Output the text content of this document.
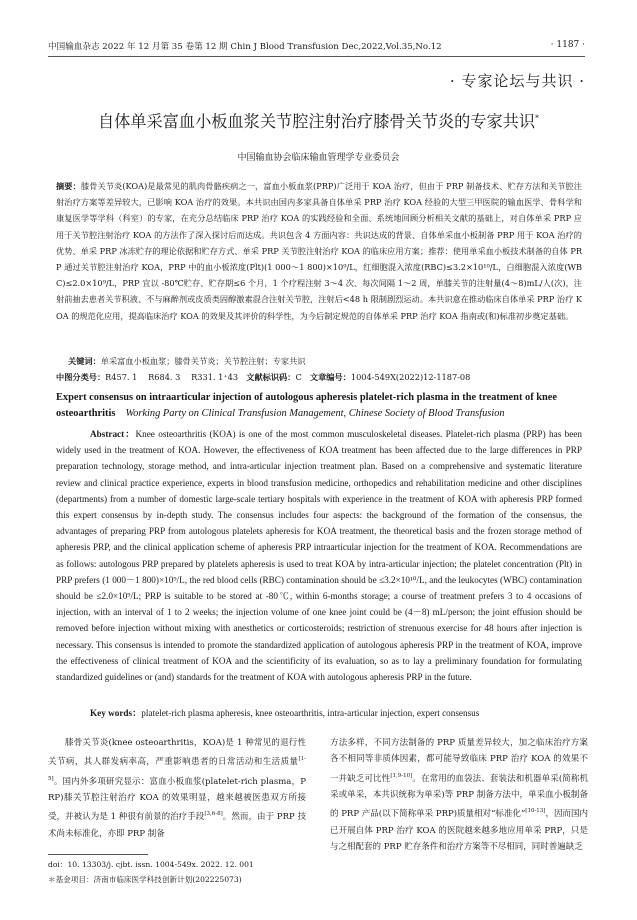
中国输血杂志 2022 年 12 月第 35 卷第 12 期 Chin J Blood Transfusion Dec,2022,Vol.35,No.12	· 1187 ·
· 专家论坛与共识 ·
自体单采富血小板血浆关节腔注射治疗膝骨关节炎的专家共识*
中国输血协会临床输血管理学专业委员会
摘要：膝骨关节炎(KOA)是最常见的肌肉骨骼疾病之一，富血小板血浆(PRP)广泛用于 KOA 治疗，但由于 PRP 制备技术、贮存方法和关节腔注射治疗方案等差异较大，已影响 KOA 治疗的效果。本共识由国内多家具备自体单采 PRP 治疗 KOA 经验的大型三甲医院的输血医学、骨科学和康复医学等学科（科室）的专家，在充分总结临床 PRP 治疗 KOA 的实践经验和全面、系统地回顾分析相关文献的基础上，对自体单采 PRP 应用于关节腔注射治疗 KOA 的方法作了深入探讨后而达成。共识包含 4 方面内容：共识达成的背景、自体单采血小板制备 PRP 用于 KOA 治疗的优势、单采 PRP 冰冻贮存的理论依据和贮存方式、单采 PRP 关节腔注射治疗 KOA 的临床应用方案；推荐：使用单采血小板技术制备的自体 PRP 通过关节腔注射治疗 KOA，PRP 中的血小板浓度(Plt)(1 000～1 800)×10⁹/L，红细胞混入浓度(RBC)≤3.2×10¹⁰/L，白细胞混入浓度(WBC)≤2.0×10⁹/L，PRP 宜以 -80℃贮存、贮存期≤6 个月，1 个疗程注射 3～4 次、每次间隔 1～2 周，单膝关节的注射量(4～8)mL/人(次)，注射前抽去患者关节积液、不与麻醉剂或皮质类固醇激素混合注射关节腔，注射后<48 h 限制剧烈运动。本共识意在推动临床自体单采 PRP 治疗 KOA 的规范化应用，提高临床治疗 KOA 的效果及其评价的科学性，为今后制定规范的自体单采 PRP 治疗 KOA 指南或(和)标准初步奠定基础。
关键词：单采富血小板血浆；膝骨关节炎；关节腔注射；专家共识
中图分类号：R457. 1　 R684. 3　 R331. 1⁺43　 文献标识码：C　 文章编号：1004-549X(2022)12-1187-08
Expert consensus on intraarticular injection of autologous apheresis platelet-rich plasma in the treatment of knee osteoarthritis Working Party on Clinical Transfusion Management, Chinese Society of Blood Transfusion
Abstract：Knee osteoarthritis (KOA) is one of the most common musculoskeletal diseases. Platelet-rich plasma (PRP) has been widely used in the treatment of KOA. However, the effectiveness of KOA treatment has been affected due to the large differences in PRP preparation technology, storage method, and intra-articular injection treatment plan. Based on a comprehensive and systematic literature review and clinical practice experience, experts in blood transfusion medicine, orthopedics and rehabilitation medicine and other disciplines (departments) from a number of domestic large-scale tertiary hospitals with experience in the treatment of KOA with apheresis PRP formed this expert consensus by in-depth study. The consensus includes four aspects: the background of the formation of the consensus, the advantages of preparing PRP from autologous platelets apheresis for KOA treatment, the theoretical basis and the frozen storage method of apheresis PRP, and the clinical application scheme of apheresis PRP intraarticular injection for the treatment of KOA. Recommendations are as follows: autologous PRP prepared by platelets apheresis is used to treat KOA by intra-articular injection; the platelet concentration (Plt) in PRP prefers (1 000－1 800)×10⁹/L, the red blood cells (RBC) contamination should be ≤3.2×10¹⁰/L, and the leukocytes (WBC) contamination should be ≤2.0×10⁹/L; PRP is suitable to be stored at -80℃, within 6-months storage; a course of treatment prefers 3 to 4 occasions of injection, with an interval of 1 to 2 weeks; the injection volume of one knee joint could be (4－8) mL/person; the joint effusion should be removed before injection without mixing with anesthetics or corticosteroids; restriction of strenuous exercise for 48 hours after injection is necessary. This consensus is intended to promote the standardized application of autologous apheresis PRP in the treatment of KOA, improve the effectiveness of clinical treatment of KOA and the scientificity of its evaluation, so as to lay a preliminary foundation for formulating standardized guidelines or (and) standards for the treatment of KOA with autologous apheresis PRP in the future.
Key words：platelet-rich plasma apheresis, knee osteoarthritis, intra-articular injection, expert consensus
膝骨关节炎(knee osteoarthritis，KOA)是 1 种常见的退行性关节病，其人群发病率高，严重影响患者的日常活动和生活质量[1-5]。国内外多项研究显示：富血小板血浆(platelet-rich plasma，PRP)膝关节腔注射治疗 KOA 的效果明显，越来越被医患双方所接受，并被认为是 1 种很有前景的治疗手段[3,6-8]。然而，由于 PRP 技术尚未标准化，亦即 PRP 制备
方法多样，不同方法制备的 PRP 质量差异较大，加之临床治疗方案各不相同等非质体因素，都可能导致临床 PRP 治疗 KOA 的效果不一并缺乏可比性[1,9-10]。在常用的血袋法、套装法和机器单采(简称机采或单采，本共识统称为单采)等 PRP 制备方法中，单采血小板制备的 PRP 产品(以下简称单采 PRP)质量相对“标准化”[10-13]，因而国内已开展自体 PRP 治疗 KOA 的医院越来越多地应用单采 PRP，只是与之相配套的 PRP 贮存条件和治疗方案等不尽相同，同时普遍缺乏
doi：10. 13303/j. cjbt. issn. 1004-549x. 2022. 12. 001
＊基金项目：济南市临床医学科技创新计划(202225073)
